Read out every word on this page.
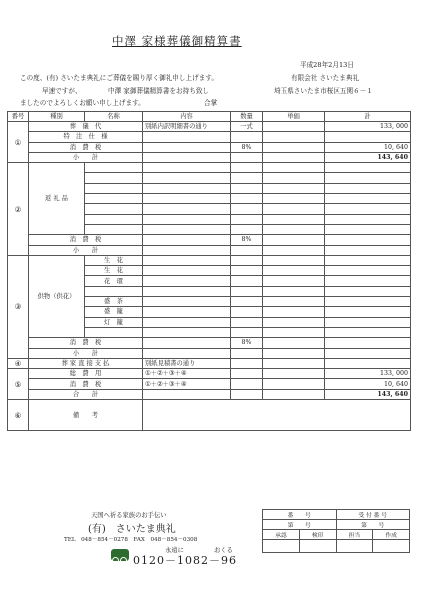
中澤 家様葬儀御精算書
平成28年2月13日
有限会社 さいたま典礼
埼玉県さいたま市桜区五関６－１
この度、(有) さいたま典礼にご葬儀を賜り厚く御礼申し上げます。
早速ですが、	中澤 家御葬儀精算書をお持ち致し
ましたのでよろしくお願い申し上げます。	合掌
番号	種別	名称	内容	数量	単価	計
①	葬　儀　代		別紙内訳明細書の通り	一式		133, 000
	特　注　仕　様					
	消　費　税			8%		10, 640
	小　　計					143, 640
②	返 礼 品					

	消　費　税			8%		
	小　　計					
③	供物（供花）	生　花				
		生　花				
		花　環				

		盛　茶				
		盛　籠				
		灯　籠				

	消　費　税			8%		
	小　　計					
④	葬 家 直 接 支 払		別紙見積書の通り			
⑤	総　費　用		①＋②＋③＋④			133, 000
	消　費　税		①＋②＋③＋④			10, 640
	合　　計					143, 640
⑥	備　　考					
天国へ祈る家族のお手伝い
(有)　さいたま典礼
TEL　048－854－0278　FAX　048－854－0308
永遠に	おくる
0120－1082－96
番　　号		受 付 番 号	
第　　号		第　　号	
承認	検印	担当	作成
